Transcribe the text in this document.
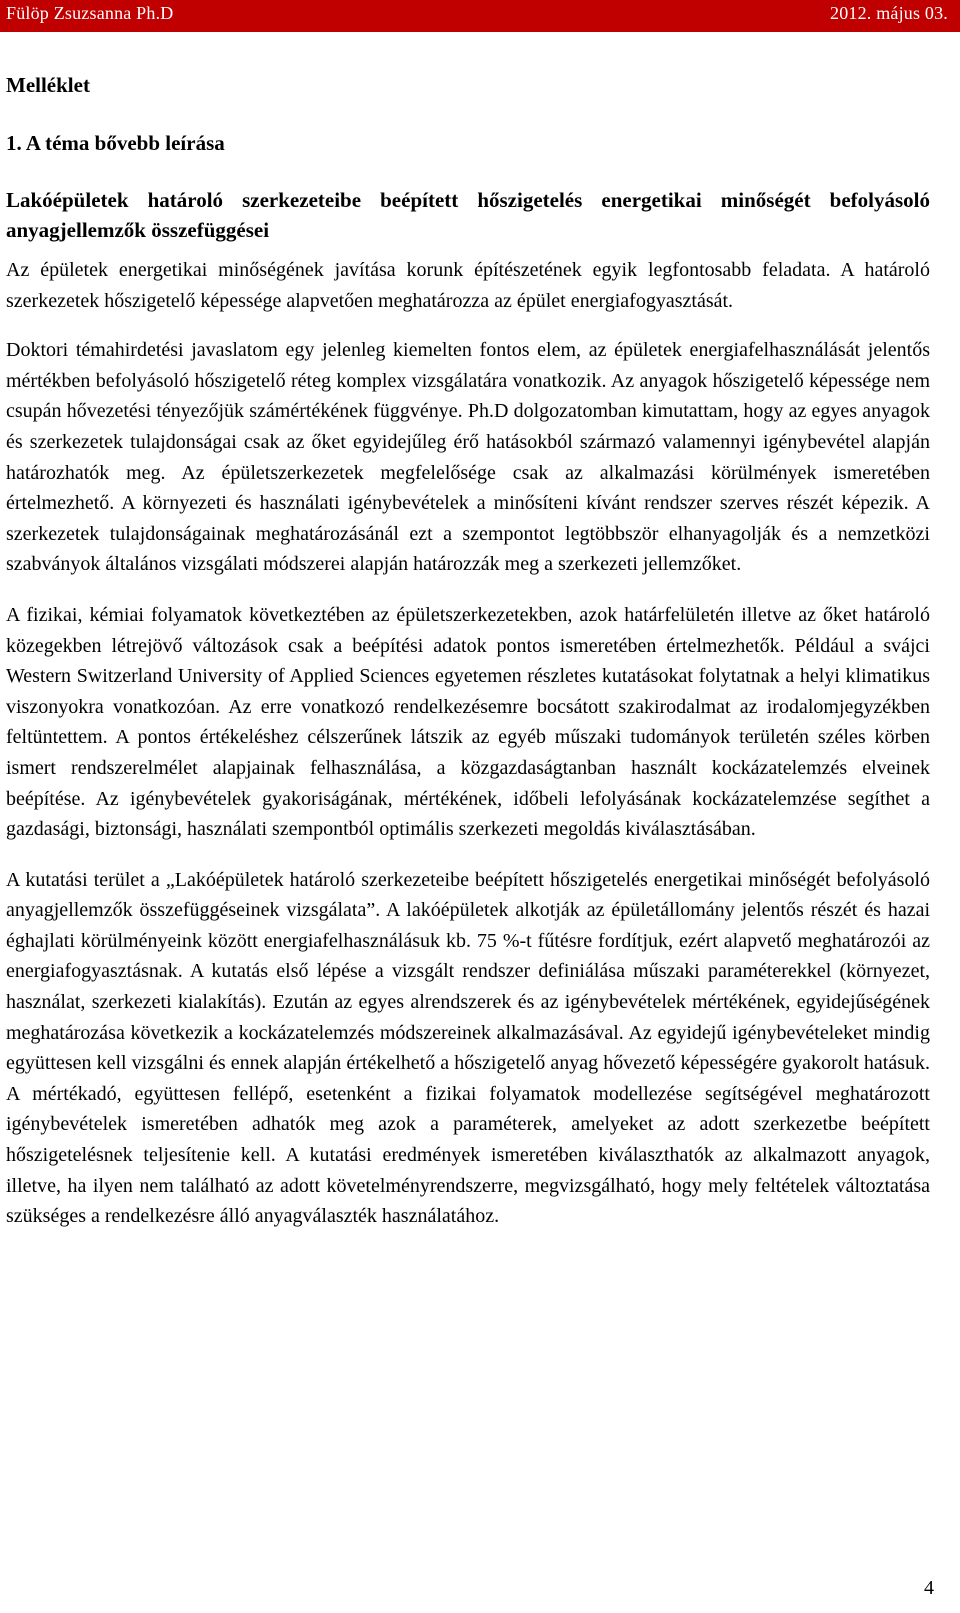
Fülöp Zsuzsanna Ph.D	2012. május 03.
Melléklet
1. A téma bővebb leírása
Lakóépületek határoló szerkezeteibe beépített hőszigetelés energetikai minőségét befolyásoló anyagjellemzők összefüggései

Az épületek energetikai minőségének javítása korunk építészetének egyik legfontosabb feladata. A határoló szerkezetek hőszigetelő képessége alapvetően meghatározza az épület energiafogyasztását.

Doktori témahirdetési javaslatom egy jelenleg kiemelten fontos elem, az épületek energiafelhasználását jelentős mértékben befolyásoló hőszigetelő réteg komplex vizsgálatára vonatkozik. Az anyagok hőszigetelő képessége nem csupán hővezetési tényezőjük számértékének függvénye. Ph.D dolgozatomban kimutattam, hogy az egyes anyagok és szerkezetek tulajdonságai csak az őket egyidejűleg érő hatásokból származó valamennyi igénybevétel alapján határozhatók meg. Az épületszerkezetek megfelelősége csak az alkalmazási körülmények ismeretében értelmezhető. A környezeti és használati igénybevételek a minősíteni kívánt rendszer szerves részét képezik. A szerkezetek tulajdonságainak meghatározásánál ezt a szempontot legtöbbször elhanyagolják és a nemzetközi szabványok általános vizsgálati módszerei alapján határozzák meg a szerkezeti jellemzőket.

A fizikai, kémiai folyamatok következtében az épületszerkezetekben, azok határfelületén illetve az őket határoló közegekben létrejövő változások csak a beépítési adatok pontos ismeretében értelmezhetők. Például a svájci Western Switzerland University of Applied Sciences egyetemen részletes kutatásokat folytatnak a helyi klimatikus viszonyokra vonatkozóan. Az erre vonatkozó rendelkezésemre bocsátott szakirodalmat az irodalomjegyzékben feltüntettem. A pontos értékeléshez célszerűnek látszik az egyéb műszaki tudományok területén széles körben ismert rendszerelmélet alapjainak felhasználása, a közgazdaságtanban használt kockázatelemzés elveinek beépítése. Az igénybevételek gyakoriságának, mértékének, időbeli lefolyásának kockázatelemzése segíthet a gazdasági, biztonsági, használati szempontból optimális szerkezeti megoldás kiválasztásában.

A kutatási terület a „Lakóépületek határoló szerkezeteibe beépített hőszigetelés energetikai minőségét befolyásoló anyagjellemzők összefüggéseinek vizsgálata”. A lakóépületek alkotják az épületállomány jelentős részét és hazai éghajlati körülményeink között energiafelhasználásuk kb. 75 %-t fűtésre fordítjuk, ezért alapvető meghatározói az energiafogyasztásnak. A kutatás első lépése a vizsgált rendszer definiálása műszaki paraméterekkel (környezet, használat, szerkezeti kialakítás). Ezután az egyes alrendszerek és az igénybevételek mértékének, egyidejűségének meghatározása következik a kockázatelemzés módszereinek alkalmazásával. Az egyidejű igénybevételeket mindig együttesen kell vizsgálni és ennek alapján értékelhető a hőszigetelő anyag hővezető képességére gyakorolt hatásuk. A mértékadó, együttesen fellépő, esetenként a fizikai folyamatok modellezése segítségével meghatározott igénybevételek ismeretében adhatók meg azok a paraméterek, amelyeket az adott szerkezetbe beépített hőszigetelésnek teljesítenie kell. A kutatási eredmények ismeretében kiválaszthatók az alkalmazott anyagok, illetve, ha ilyen nem található az adott követelményrendszerre, megvizsgálható, hogy mely feltételek változtatása szükséges a rendelkezésre álló anyagválaszték használatához.

4
